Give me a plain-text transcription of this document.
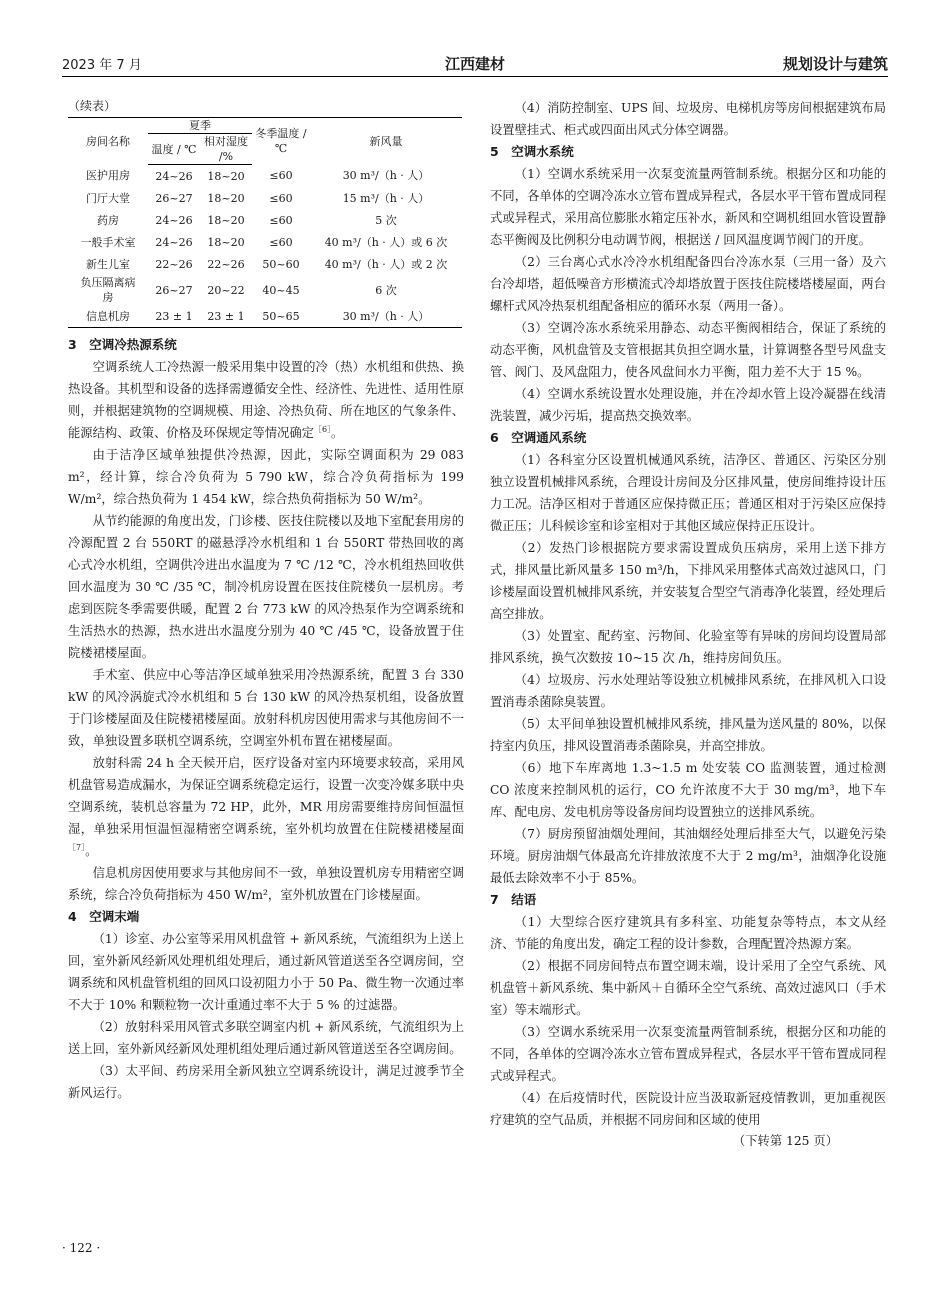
2023 年 7 月	江西建材	规划设计与建筑
（续表）
房间名称	夏季		冬季温度 /℃	新风量
	温度 / ℃	相对湿度 /%		
医护用房	24~26	18~20	≤60	30 m³/（h · 人）
门厅大堂	26~27	18~20	≤60	15 m³/（h · 人）
药房	24~26	18~20	≤60	5 次
一般手术室	24~26	18~20	≤60	40 m³/（h · 人）或 6 次
新生儿室	22~26	22~26	50~60	40 m³/（h · 人）或 2 次
负压隔离病房	26~27	20~22	40~45	6 次
信息机房	23 ± 1	23 ± 1	50~65	30 m³/（h · 人）
3　空调冷热源系统

空调系统人工冷热源一般采用集中设置的冷（热）水机组和供热、换热设备。其机型和设备的选择需遵循安全性、经济性、先进性、适用性原则，并根据建筑物的空调规模、用途、冷热负荷、所在地区的气象条件、能源结构、政策、价格及环保规定等情况确定$^{[6]}$。

由于洁净区域单独提供冷热源，因此，实际空调面积为 29 083 m²，经计算，综合冷负荷为 5 790 kW，综合冷负荷指标为 199 W/m²，综合热负荷为 1 454 kW，综合热负荷指标为 50 W/m²。

从节约能源的角度出发，门诊楼、医技住院楼以及地下室配套用房的冷源配置 2 台 550RT 的磁悬浮冷水机组和 1 台 550RT 带热回收的离心式冷水机组，空调供冷进出水温度为 7 ℃ /12 ℃，冷水机组热回收供回水温度为 30 ℃ /35 ℃，制冷机房设置在医技住院楼负一层机房。考虑到医院冬季需要供暖，配置 2 台 773 kW 的风冷热泵作为空调系统和生活热水的热源，热水进出水温度分别为 40 ℃ /45 ℃，设备放置于住院楼裙楼屋面。

手术室、供应中心等洁净区域单独采用冷热源系统，配置 3 台 330 kW 的风冷涡旋式冷水机组和 5 台 130 kW 的风冷热泵机组，设备放置于门诊楼屋面及住院楼裙楼屋面。放射科机房因使用需求与其他房间不一致，单独设置多联机空调系统，空调室外机布置在裙楼屋面。

放射科需 24 h 全天候开启，医疗设备对室内环境要求较高，采用风机盘管易造成漏水，为保证空调系统稳定运行，设置一次变冷媒多联中央空调系统，装机总容量为 72 HP，此外，MR 用房需要维持房间恒温恒湿，单独采用恒温恒湿精密空调系统，室外机均放置在住院楼裙楼屋面$^{[7]}$。

信息机房因使用要求与其他房间不一致，单独设置机房专用精密空调系统，综合冷负荷指标为 450 W/m²，室外机放置在门诊楼屋面。

4　空调末端

（1）诊室、办公室等采用风机盘管 + 新风系统，气流组织为上送上回，室外新风经新风处理机组处理后，通过新风管道送至各空调房间，空调系统和风机盘管机组的回风口设初阻力小于 50 Pa、微生物一次通过率不大于 10% 和颗粒物一次计重通过率不大于 5 % 的过滤器。

（2）放射科采用风管式多联空调室内机 + 新风系统，气流组织为上送上回，室外新风经新风处理机组处理后通过新风管道送至各空调房间。

（3）太平间、药房采用全新风独立空调系统设计，满足过渡季节全新风运行。

（4）消防控制室、UPS 间、垃圾房、电梯机房等房间根据建筑布局设置壁挂式、柜式或四面出风式分体空调器。

5　空调水系统

（1）空调水系统采用一次泵变流量两管制系统。根据分区和功能的不同，各单体的空调冷冻水立管布置成异程式，各层水平干管布置成同程式或异程式，采用高位膨胀水箱定压补水，新风和空调机组回水管设置静态平衡阀及比例积分电动调节阀，根据送 / 回风温度调节阀门的开度。

（2）三台离心式水冷冷水机组配备四台冷冻水泵（三用一备）及六台冷却塔，超低噪音方形横流式冷却塔放置于医技住院楼塔楼屋面，两台螺杆式风冷热泵机组配备相应的循环水泵（两用一备）。

（3）空调冷冻水系统采用静态、动态平衡阀相结合，保证了系统的动态平衡，风机盘管及支管根据其负担空调水量，计算调整各型号风盘支管、阀门、及风盘阻力，使各风盘间水力平衡，阻力差不大于 15 %。

（4）空调水系统设置水处理设施，并在冷却水管上设冷凝器在线清洗装置，减少污垢，提高热交换效率。

6　空调通风系统

（1）各科室分区设置机械通风系统，洁净区、普通区、污染区分别独立设置机械排风系统，合理设计房间及分区排风量，使房间维持设计压力工况。洁净区相对于普通区应保持微正压；普通区相对于污染区应保持微正压；儿科候诊室和诊室相对于其他区域应保持正压设计。

（2）发热门诊根据院方要求需设置成负压病房，采用上送下排方式，排风量比新风量多 150 m³/h，下排风采用整体式高效过滤风口，门诊楼屋面设置机械排风系统，并安装复合型空气消毒净化装置，经处理后高空排放。

（3）处置室、配药室、污物间、化验室等有异味的房间均设置局部排风系统，换气次数按 10~15 次 /h，维持房间负压。

（4）垃圾房、污水处理站等设独立机械排风系统，在排风机入口设置消毒杀菌除臭装置。

（5）太平间单独设置机械排风系统，排风量为送风量的 80%，以保持室内负压，排风设置消毒杀菌除臭，并高空排放。

（6）地下车库离地 1.3~1.5 m 处安装 CO 监测装置，通过检测 CO 浓度来控制风机的运行，CO 允许浓度不大于 30 mg/m³，地下车库、配电房、发电机房等设备房间均设置独立的送排风系统。

（7）厨房预留油烟处理间，其油烟经处理后排至大气，以避免污染环境。厨房油烟气体最高允许排放浓度不大于 2 mg/m³，油烟净化设施最低去除效率不小于 85%。

7　结语

（1）大型综合医疗建筑具有多科室、功能复杂等特点，本文从经济、节能的角度出发，确定工程的设计参数，合理配置冷热源方案。

（2）根据不同房间特点布置空调末端，设计采用了全空气系统、风机盘管＋新风系统、集中新风＋自循环全空气系统、高效过滤风口（手术室）等末端形式。

（3）空调水系统采用一次泵变流量两管制系统，根据分区和功能的不同，各单体的空调冷冻水立管布置成异程式，各层水平干管布置成同程式或异程式。

（4）在后疫情时代，医院设计应当汲取新冠疫情教训，更加重视医疗建筑的空气品质，并根据不同房间和区域的使用

（下转第 125 页）
· 122 ·
